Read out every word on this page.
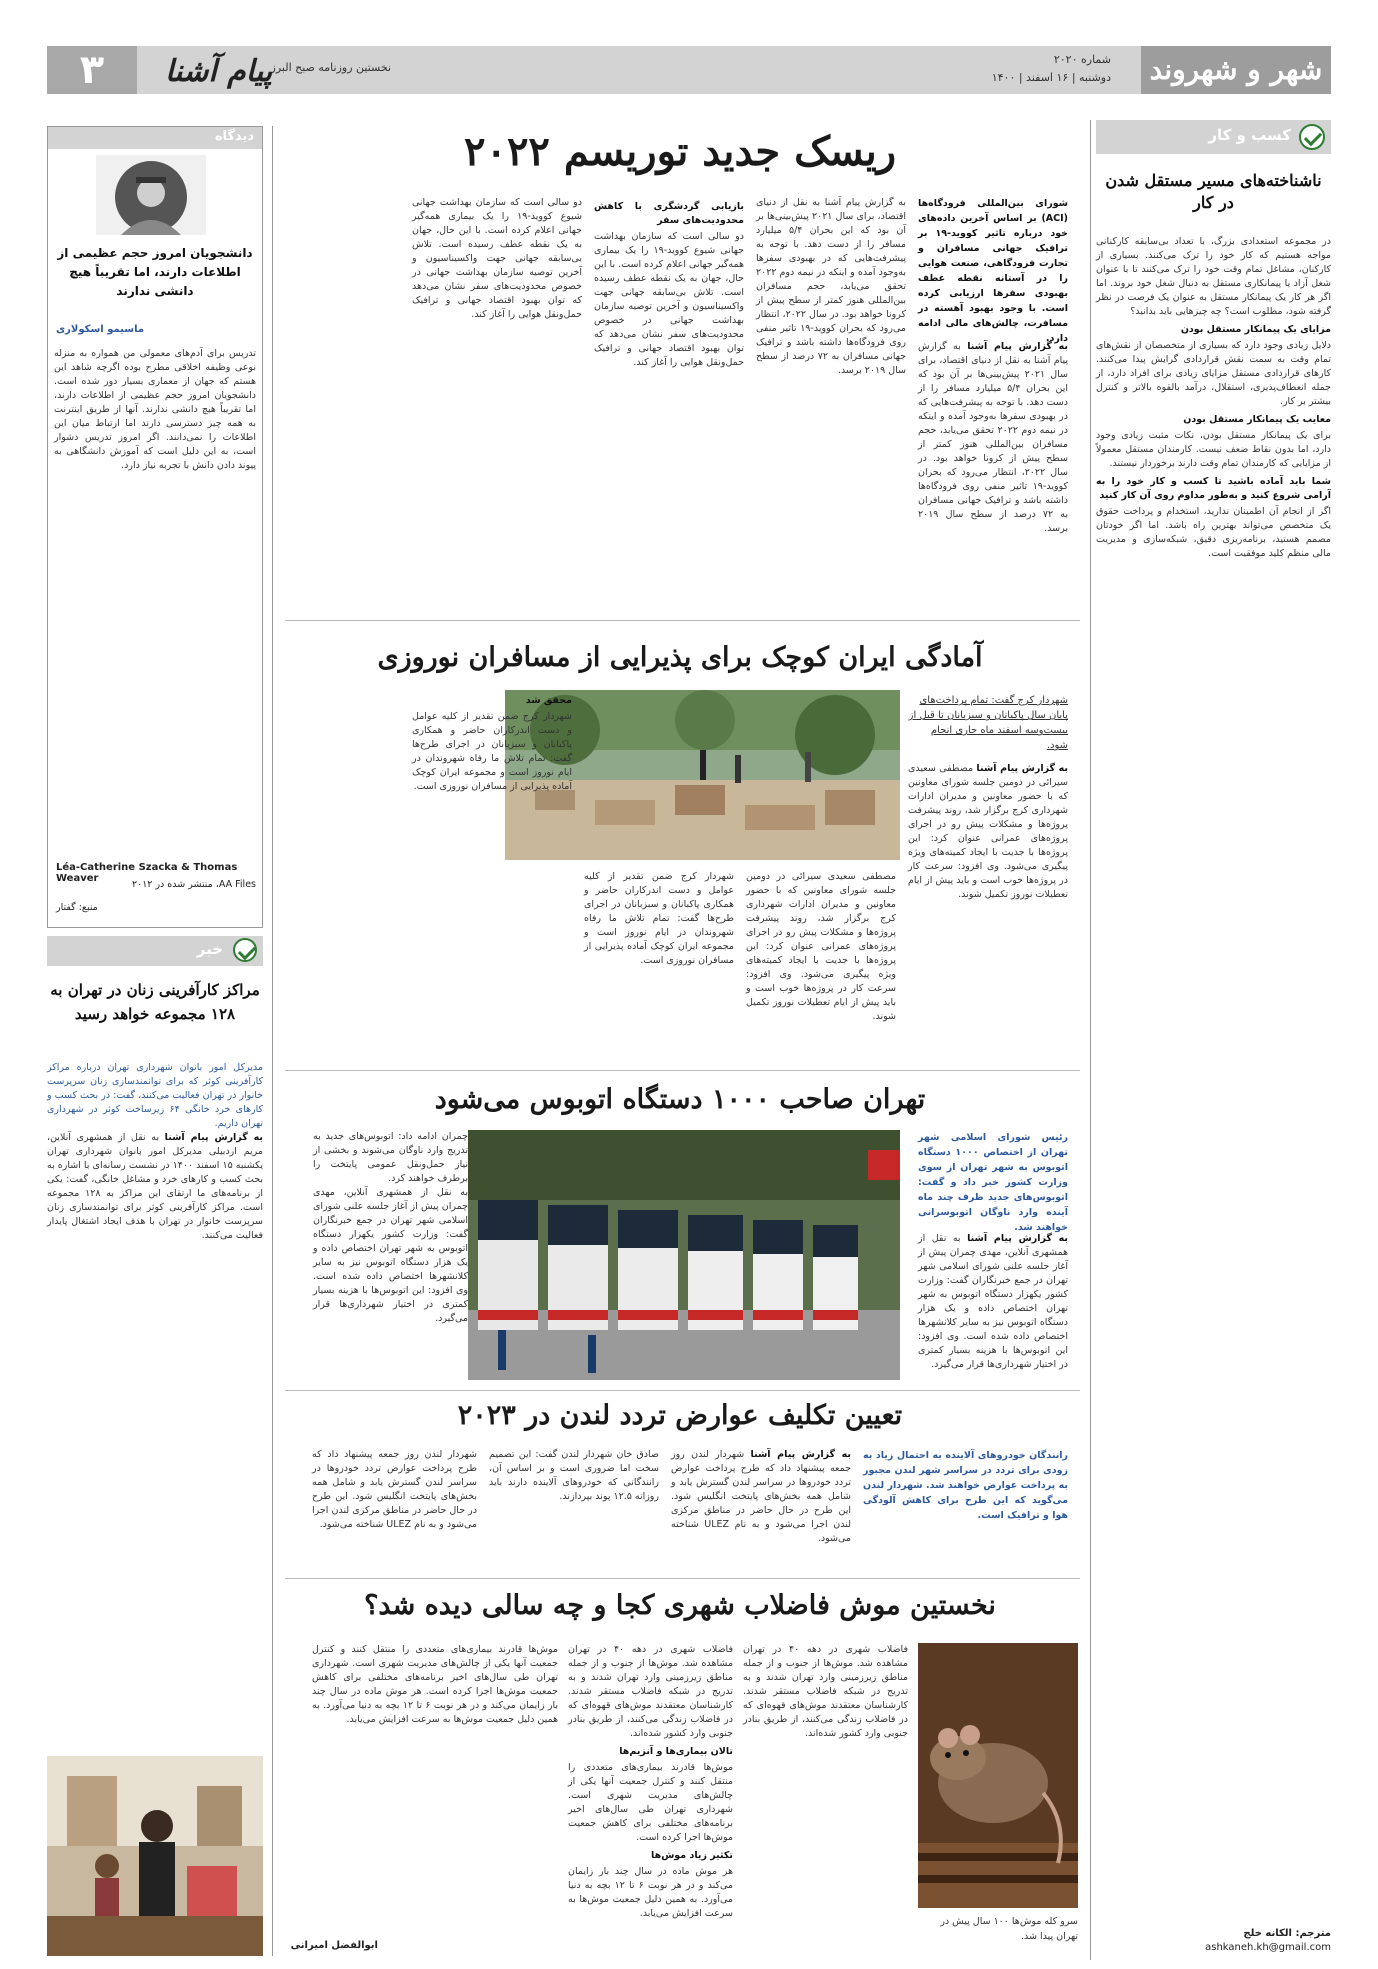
شهر و شهروند
شماره ۲۰۲۰
دوشنبه | ۱۶ اسفند | ۱۴۰۰
نخستین روزنامه صبح البرز
پیام آشنا
۳
کسب و کار
ناشناخته‌های مسیر مستقل شدن در کار
در مجموعه استعدادی بزرگ، با تعداد بی‌سابقه کارکنانی مواجه هستیم که کار خود را ترک می‌کنند. بسیاری از کارکنان، مشاغل تمام وقت خود را ترک می‌کنند تا با عنوان شغل آزاد یا پیمانکاری مستقل به دنبال شغل خود بروند. اما اگر هر کار یک پیمانکار مستقل به عنوان یک فرصت در نظر گرفته شود، مطلوب است؟ چه چیزهایی باید بدانید؟
مزایای یک پیمانکار مستقل بودن
دلایل زیادی وجود دارد که بسیاری از متخصصان از نقش‌های تمام وقت به سمت نقش قراردادی گرایش پیدا می‌کنند. کارهای قراردادی مستقل مزایای زیادی برای افراد دارد، از جمله انعطاف‌پذیری، استقلال، درآمد بالقوه بالاتر و کنترل بیشتر بر کار.
معایب یک پیمانکار مستقل بودن
برای یک پیمانکار مستقل بودن، نکات مثبت زیادی وجود دارد، اما بدون نقاط ضعف نیست. کارمندان مستقل معمولاً از مزایایی که کارمندان تمام وقت دارند برخوردار نیستند.
شما باید آماده باشید تا کسب و کار خود را به آرامی شروع کنید و به‌طور مداوم روی آن کار کنید
اگر از انجام آن اطمینان ندارید، استخدام و پرداخت حقوق یک متخصص می‌تواند بهترین راه باشد. اما اگر خودتان مصمم هستید، برنامه‌ریزی دقیق، شبکه‌سازی و مدیریت مالی منظم کلید موفقیت است.
مترجم: الکانه خلج
ashkaneh.kh@gmail.com
دیدگاه
دانشجویان امروز حجم عظیمی از اطلاعات دارند، اما تقریباً هیچ دانشی ندارند
ماسیمو اسکولاری
تدریس برای آدم‌های معمولی من همواره به منزله نوعی وظیفه اخلاقی مطرح بوده اگرچه شاهد این هستم که جهان از معماری بسیار دور شده است. دانشجویان امروز حجم عظیمی از اطلاعات دارند، اما تقریباً هیچ دانشی ندارند. آنها از طریق اینترنت به همه چیز دسترسی دارند اما ارتباط میان این اطلاعات را نمی‌دانند. اگر امروز تدریس دشوار است، به این دلیل است که آموزش دانشگاهی به پیوند دادن دانش با تجربه نیاز دارد.
Léa-Catherine Szacka & Thomas Weaver
AA Files، منتشر شده در ۲۰۱۲
منبع: گفتار
خبر
مراکز کارآفرینی زنان در تهران به ۱۲۸ مجموعه خواهد رسید
مدیرکل امور بانوان شهرداری تهران درباره مراکز کارآفرینی کوثر که برای توانمندسازی زنان سرپرست خانوار در تهران فعالیت می‌کنند، گفت: در بحث کسب و کارهای خرد خانگی ۶۴ زیرساخت کوثر در شهرداری تهران داریم.
به گزارش پیام آشنا به نقل از همشهری آنلاین، مریم اردبیلی مدیرکل امور بانوان شهرداری تهران یکشنبه ۱۵ اسفند ۱۴۰۰ در نشست رسانه‌ای با اشاره به بحث کسب و کارهای خرد و مشاغل خانگی، گفت: یکی از برنامه‌های ما ارتقای این مراکز به ۱۲۸ مجموعه است. مراکز کارآفرینی کوثر برای توانمندسازی زنان سرپرست خانوار در تهران با هدف ایجاد اشتغال پایدار فعالیت می‌کنند.
ریسک جدید توریسم ۲۰۲۲
شورای بین‌المللی فرودگاه‌ها (ACI) بر اساس آخرین داده‌های خود درباره تاثیر کووید-۱۹ بر ترافیک جهانی مسافران و تجارت فرودگاهی، صنعت هوایی را در آستانه نقطه عطف بهبودی سفرها ارزیابی کرده است. با وجود بهبود آهسته در مسافرت، چالش‌های مالی ادامه دارد.
به گزارش پیام آشنا به گزارش پیام آشنا به نقل از دنیای اقتصاد، برای سال ۲۰۲۱ پیش‌بینی‌ها بر آن بود که این بحران ۵/۴ میلیارد مسافر را از دست دهد. با توجه به پیشرفت‌هایی که در بهبودی سفرها به‌وجود آمده و اینکه در نیمه دوم ۲۰۲۲ تحقق می‌یابد، حجم مسافران بین‌المللی هنوز کمتر از سطح پیش از کرونا خواهد بود. در سال ۲۰۲۲، انتظار می‌رود که بحران کووید-۱۹ تاثیر منفی روی فرودگاه‌ها داشته باشد و ترافیک جهانی مسافران به ۷۲ درصد از سطح سال ۲۰۱۹ برسد.
به گزارش پیام آشنا به نقل از دنیای اقتصاد، برای سال ۲۰۲۱ پیش‌بینی‌ها بر آن بود که این بحران ۵/۴ میلیارد مسافر را از دست دهد. با توجه به پیشرفت‌هایی که در بهبودی سفرها به‌وجود آمده و اینکه در نیمه دوم ۲۰۲۲ تحقق می‌یابد، حجم مسافران بین‌المللی هنوز کمتر از سطح پیش از کرونا خواهد بود. در سال ۲۰۲۲، انتظار می‌رود که بحران کووید-۱۹ تاثیر منفی روی فرودگاه‌ها داشته باشد و ترافیک جهانی مسافران به ۷۲ درصد از سطح سال ۲۰۱۹ برسد.
بازیابی گردشگری با کاهش محدودیت‌های سفر
دو سالی است که سازمان بهداشت جهانی شیوع کووید-۱۹ را یک بیماری همه‌گیر جهانی اعلام کرده است. با این حال، جهان به یک نقطه عطف رسیده است. تلاش بی‌سابقه جهانی جهت واکسیناسیون و آخرین توصیه سازمان بهداشت جهانی در خصوص محدودیت‌های سفر نشان می‌دهد که توان بهبود اقتصاد جهانی و ترافیک حمل‌ونقل هوایی را آغاز کند.
دو سالی است که سازمان بهداشت جهانی شیوع کووید-۱۹ را یک بیماری همه‌گیر جهانی اعلام کرده است. با این حال، جهان به یک نقطه عطف رسیده است. تلاش بی‌سابقه جهانی جهت واکسیناسیون و آخرین توصیه سازمان بهداشت جهانی در خصوص محدودیت‌های سفر نشان می‌دهد که توان بهبود اقتصاد جهانی و ترافیک حمل‌ونقل هوایی را آغاز کند.
آمادگی ایران کوچک برای پذیرایی از مسافران نوروزی
شهردار کرج گفت: تمام پرداخت‌های پایان سال پاکبانان و سبزبانان تا قبل از بیست‌و‌سه اسفند ماه جاری انجام شود.
به گزارش پیام آشنا مصطفی سعیدی سیرائی در دومین جلسه شورای معاونین که با حضور معاونین و مدیران ادارات شهرداری کرج برگزار شد، روند پیشرفت پروژه‌ها و مشکلات پیش رو در اجرای پروژه‌های عمرانی عنوان کرد: این پروژه‌ها با جدیت با ایجاد کمیته‌های ویژه پیگیری می‌شود. وی افزود: سرعت کار در پروژه‌ها خوب است و باید پیش از ایام تعطیلات نوروز تکمیل شوند.
مصطفی سعیدی سیرائی در دومین جلسه شورای معاونین که با حضور معاونین و مدیران ادارات شهرداری کرج برگزار شد، روند پیشرفت پروژه‌ها و مشکلات پیش رو در اجرای پروژه‌های عمرانی عنوان کرد: این پروژه‌ها با جدیت با ایجاد کمیته‌های ویژه پیگیری می‌شود. وی افزود: سرعت کار در پروژه‌ها خوب است و باید پیش از ایام تعطیلات نوروز تکمیل شوند.
شهردار کرج ضمن تقدیر از کلیه عوامل و دست اندرکاران حاضر و همکاری پاکبانان و سبزبانان در اجرای طرح‌ها گفت: تمام تلاش ما رفاه شهروندان در ایام نوروز است و مجموعه ایران کوچک آماده پذیرایی از مسافران نوروزی است.
محقق شد
شهردار کرج ضمن تقدیر از کلیه عوامل و دست اندرکاران حاضر و همکاری پاکبانان و سبزبانان در اجرای طرح‌ها گفت: تمام تلاش ما رفاه شهروندان در ایام نوروز است و مجموعه ایران کوچک آماده پذیرایی از مسافران نوروزی است.
تهران صاحب ۱۰۰۰ دستگاه اتوبوس می‌شود
رئیس شورای اسلامی شهر تهران از اختصاص ۱۰۰۰ دستگاه اتوبوس به شهر تهران از سوی وزارت کشور خبر داد و گفت: اتوبوس‌های جدید ظرف چند ماه آینده وارد ناوگان اتوبوسرانی خواهند شد.
به گزارش پیام آشنا به نقل از همشهری آنلاین، مهدی چمران پیش از آغاز جلسه علنی شورای اسلامی شهر تهران در جمع خبرنگاران گفت: وزارت کشور یکهزار دستگاه اتوبوس به شهر تهران اختصاص داده و یک هزار دستگاه اتوبوس نیز به سایر کلانشهرها اختصاص داده شده است. وی افزود: این اتوبوس‌ها با هزینه بسیار کمتری در اختیار شهرداری‌ها قرار می‌گیرد.
چمران ادامه داد: اتوبوس‌های جدید به تدریج وارد ناوگان می‌شوند و بخشی از نیاز حمل‌ونقل عمومی پایتخت را برطرف خواهند کرد.
به نقل از همشهری آنلاین، مهدی چمران پیش از آغاز جلسه علنی شورای اسلامی شهر تهران در جمع خبرنگاران گفت: وزارت کشور یکهزار دستگاه اتوبوس به شهر تهران اختصاص داده و یک هزار دستگاه اتوبوس نیز به سایر کلانشهرها اختصاص داده شده است. وی افزود: این اتوبوس‌ها با هزینه بسیار کمتری در اختیار شهرداری‌ها قرار می‌گیرد.
تعیین تکلیف عوارض تردد لندن در ۲۰۲۳
رانندگان خودروهای آلاینده به احتمال زیاد به زودی برای تردد در سراسر شهر لندن مجبور به پرداخت عوارض خواهند شد. شهردار لندن می‌گوید که این طرح برای کاهش آلودگی هوا و ترافیک است.
به گزارش پیام آشنا شهردار لندن روز جمعه پیشنهاد داد که طرح پرداخت عوارض تردد خودروها در سراسر لندن گسترش یابد و شامل همه بخش‌های پایتخت انگلیس شود. این طرح در حال حاضر در مناطق مرکزی لندن اجرا می‌شود و به نام ULEZ شناخته می‌شود.
صادق خان شهردار لندن گفت: این تصمیم سخت اما ضروری است و بر اساس آن، رانندگانی که خودروهای آلاینده دارند باید روزانه ۱۲.۵ پوند بپردازند.
شهردار لندن روز جمعه پیشنهاد داد که طرح پرداخت عوارض تردد خودروها در سراسر لندن گسترش یابد و شامل همه بخش‌های پایتخت انگلیس شود. این طرح در حال حاضر در مناطق مرکزی لندن اجرا می‌شود و به نام ULEZ شناخته می‌شود.
نخستین موش فاضلاب شهری کجا و چه سالی دیده شد؟
سرو کله موش‌ها ۱۰۰ سال پیش در تهران پیدا شد.
فاضلاب شهری در دهه ۴۰ در تهران مشاهده شد. موش‌ها از جنوب و از جمله مناطق زیرزمینی وارد تهران شدند و به تدریج در شبکه فاضلاب مستقر شدند. کارشناسان معتقدند موش‌های قهوه‌ای که در فاضلاب زندگی می‌کنند، از طریق بنادر جنوبی وارد کشور شده‌اند.
فاضلاب شهری در دهه ۴۰ در تهران مشاهده شد. موش‌ها از جنوب و از جمله مناطق زیرزمینی وارد تهران شدند و به تدریج در شبکه فاضلاب مستقر شدند. کارشناسان معتقدند موش‌های قهوه‌ای که در فاضلاب زندگی می‌کنند، از طریق بنادر جنوبی وارد کشور شده‌اند.
تالان بیماری‌ها و آنزیم‌ها
موش‌ها قادرند بیماری‌های متعددی را منتقل کنند و کنترل جمعیت آنها یکی از چالش‌های مدیریت شهری است. شهرداری تهران طی سال‌های اخیر برنامه‌های مختلفی برای کاهش جمعیت موش‌ها اجرا کرده است.
تکثیر زیاد موش‌ها
هر موش ماده در سال چند بار زایمان می‌کند و در هر نوبت ۶ تا ۱۲ بچه به دنیا می‌آورد. به همین دلیل جمعیت موش‌ها به سرعت افزایش می‌یابد.
موش‌ها قادرند بیماری‌های متعددی را منتقل کنند و کنترل جمعیت آنها یکی از چالش‌های مدیریت شهری است. شهرداری تهران طی سال‌های اخیر برنامه‌های مختلفی برای کاهش جمعیت موش‌ها اجرا کرده است. هر موش ماده در سال چند بار زایمان می‌کند و در هر نوبت ۶ تا ۱۲ بچه به دنیا می‌آورد. به همین دلیل جمعیت موش‌ها به سرعت افزایش می‌یابد.
ابوالفضل امیرانی
